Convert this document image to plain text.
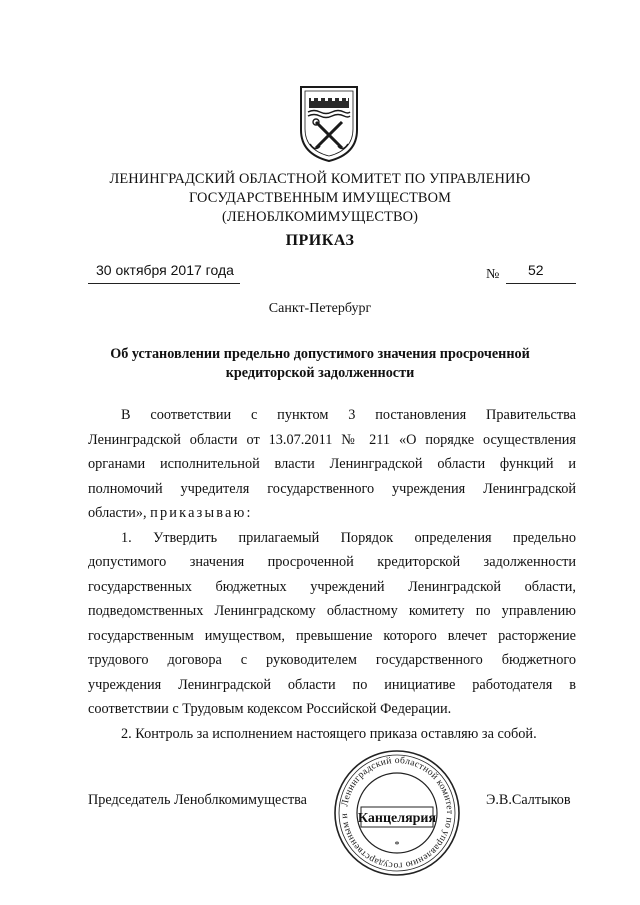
ЛЕНИНГРАДСКИЙ ОБЛАСТНОЙ КОМИТЕТ ПО УПРАВЛЕНИЮ
ГОСУДАРСТВЕННЫМ ИМУЩЕСТВОМ
(ЛЕНОБЛКОМИМУЩЕСТВО)
ПРИКАЗ
30 октября 2017 года	№	52
Санкт-Петербург
Об установлении предельно допустимого значения просроченной
кредиторской задолженности
В соответствии с пунктом 3 постановления Правительства
Ленинградской области от 13.07.2011 № 211 «О порядке осуществления
органами исполнительной власти Ленинградской области функций и
полномочий учредителя государственного учреждения Ленинградской
области», приказываю:
1. Утвердить прилагаемый Порядок определения предельно
допустимого значения просроченной кредиторской задолженности
государственных бюджетных учреждений Ленинградской области,
подведомственных Ленинградскому областному комитету по управлению
государственным имуществом, превышение которого влечет расторжение
трудового договора с руководителем государственного бюджетного
учреждения Ленинградской области по инициативе работодателя в
соответствии с Трудовым кодексом Российской Федерации.
2. Контроль за исполнением настоящего приказа оставляю за собой.
Председатель Леноблкомимущества	Э.В.Салтыков
Ленинградский областной комитет по управлению государственным и Канцелярия
*
